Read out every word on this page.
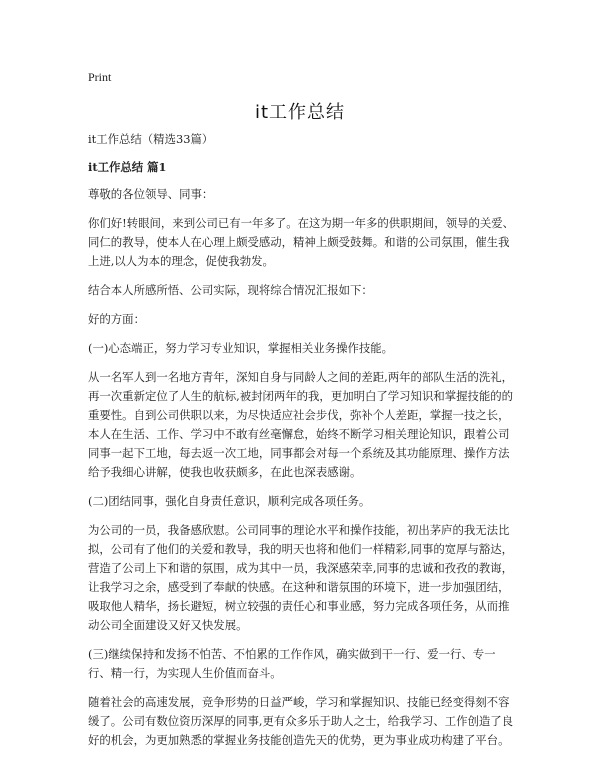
Print
it工作总结

it工作总结（精选33篇）

it工作总结 篇1

尊敬的各位领导、同事：

你们好!转眼间，来到公司已有一年多了。在这为期一年多的供职期间，领导的关爱、同仁的教导，使本人在心理上颇受感动，精神上颇受鼓舞。和谐的公司氛围，催生我上进,以人为本的理念，促使我勃发。

结合本人所感所悟、公司实际，现将综合情况汇报如下：

好的方面：

(一)心态端正，努力学习专业知识，掌握相关业务操作技能。

从一名军人到一名地方青年，深知自身与同龄人之间的差距,两年的部队生活的洗礼，再一次重新定位了人生的航标,被封闭两年的我，更加明白了学习知识和掌握技能的的重要性。自到公司供职以来，为尽快适应社会步伐，弥补个人差距，掌握一技之长，本人在生活、工作、学习中不敢有丝毫懈怠，始终不断学习相关理论知识，跟着公司同事一起下工地，每去返一次工地，同事都会对每一个系统及其功能原理、操作方法给予我细心讲解，使我也收获颇多，在此也深表感谢。

(二)团结同事，强化自身责任意识，顺利完成各项任务。

为公司的一员，我备感欣慰。公司同事的理论水平和操作技能，初出茅庐的我无法比拟，公司有了他们的关爱和教导，我的明天也将和他们一样精彩,同事的宽厚与豁达，营造了公司上下和谐的氛围，成为其中一员，我深感荣幸,同事的忠诚和孜孜的教诲，让我学习之余，感受到了奉献的快感。在这种和谐氛围的环境下，进一步加强团结，吸取他人精华，扬长避短，树立较强的责任心和事业感，努力完成各项任务，从而推动公司全面建设又好又快发展。

(三)继续保持和发扬不怕苦、不怕累的工作作风，确实做到干一行、爱一行、专一行、精一行，为实现人生价值而奋斗。

随着社会的高速发展，竞争形势的日益严峻，学习和掌握知识、技能已经变得刻不容缓了。公司有数位资历深厚的同事,更有众多乐于助人之士，给我学习、工作创造了良好的机会，为更加熟悉的掌握业务技能创造先天的优势，更为事业成功构建了平台。
